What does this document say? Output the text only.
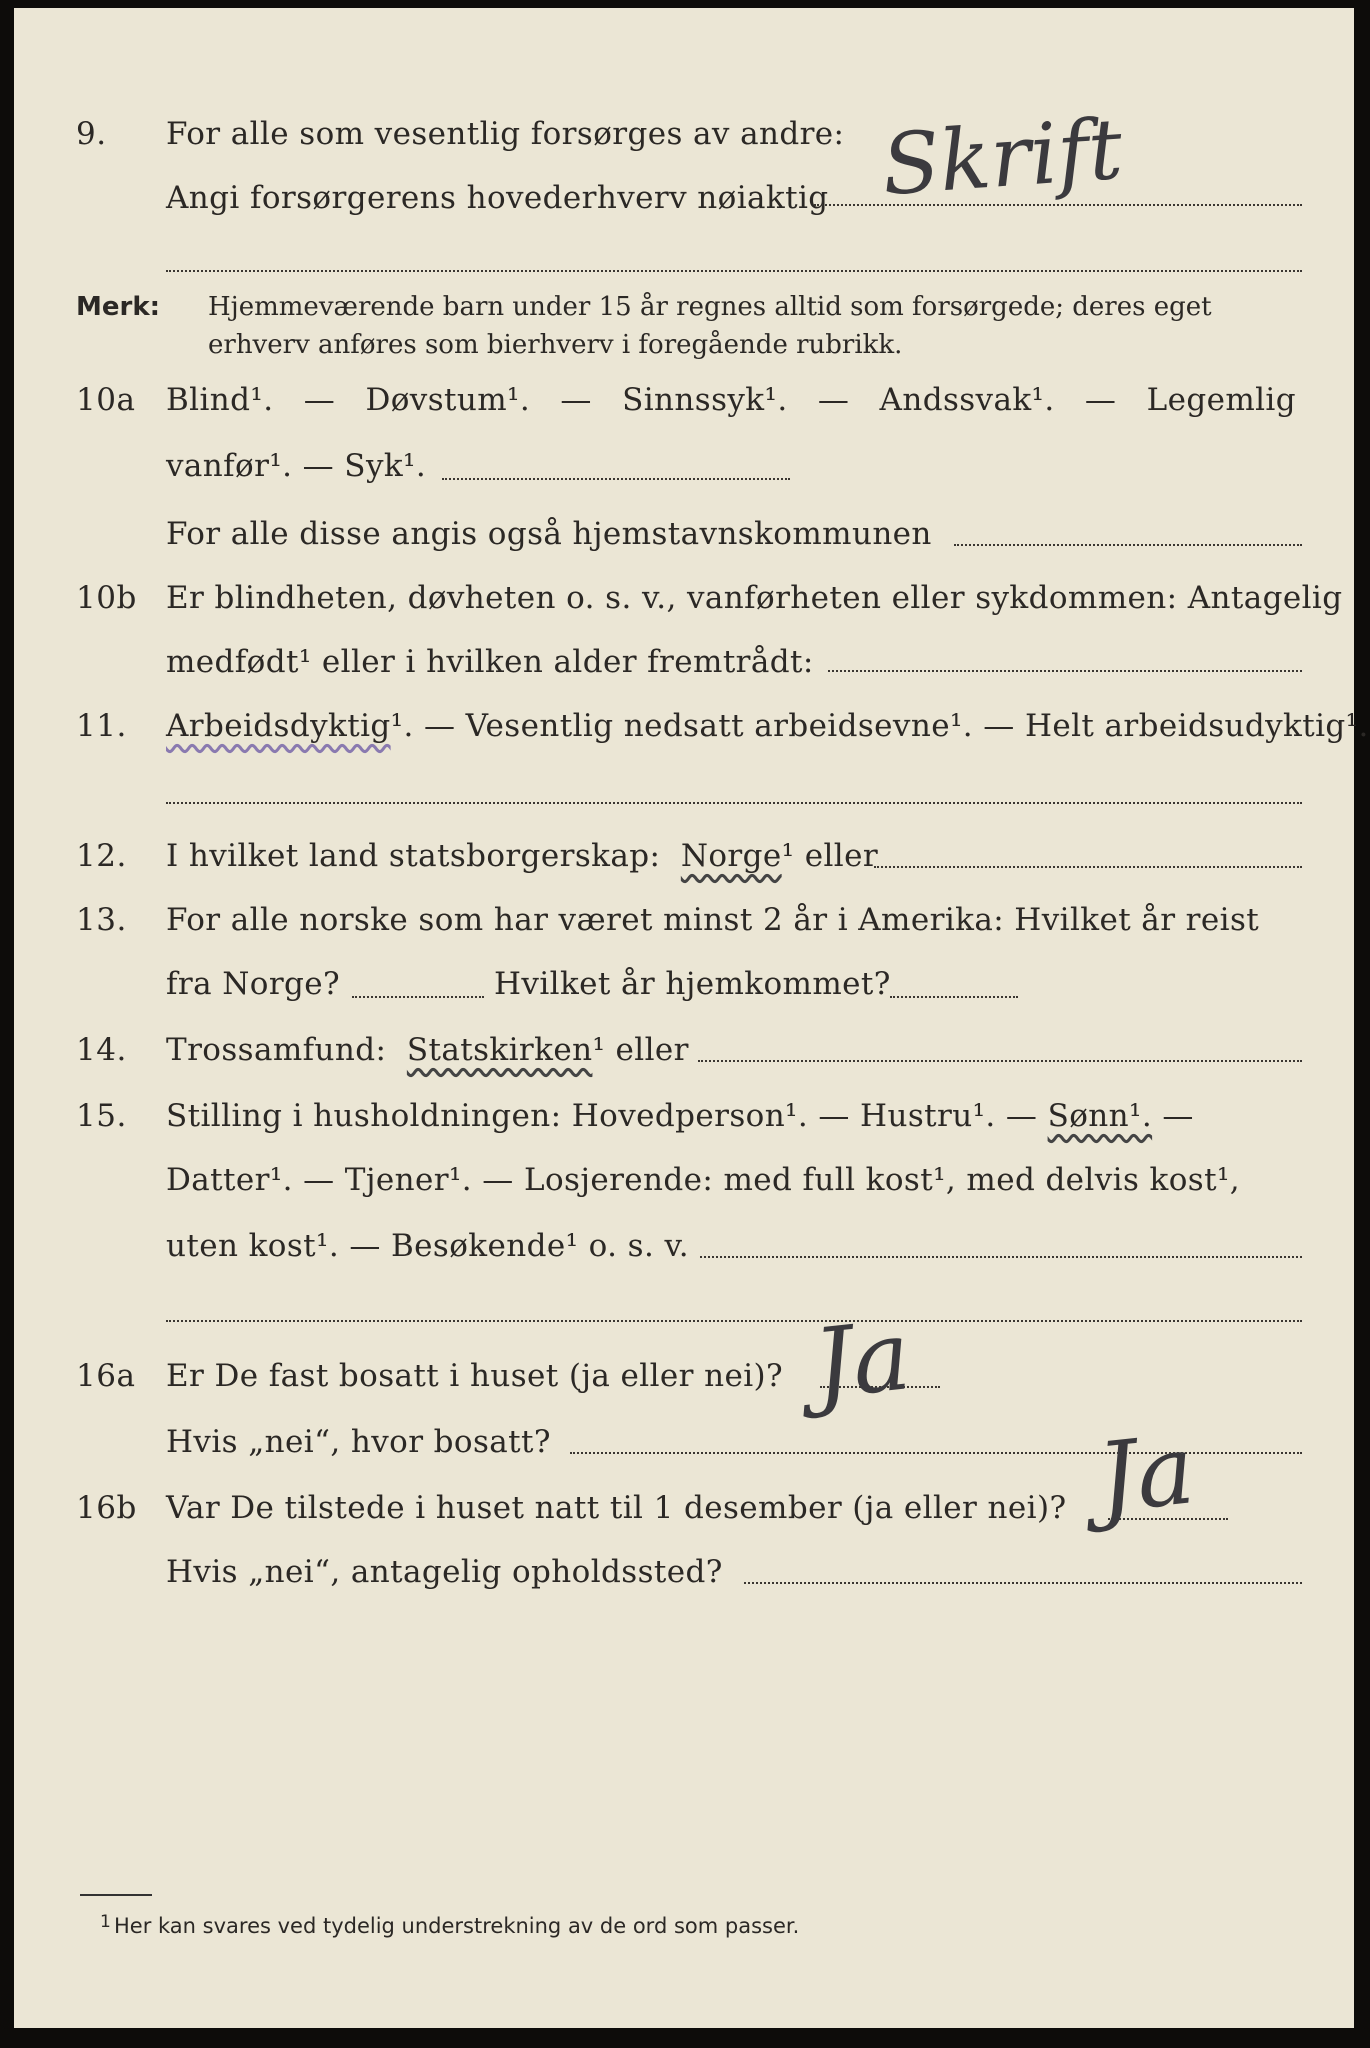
9. For alle som vesentlig forsørges av andre:
Angi forsørgerens hovederhverv nøiaktig Skrift
Merk: Hjemmeværende barn under 15 år regnes alltid som forsørgede; deres eget erhverv anføres som bierhverv i foregående rubrikk.
10a Blind¹. — Døvstum¹. — Sinnssyk¹. — Andssvak¹. — Legemlig
vanfør¹. — Syk¹.
For alle disse angis også hjemstavnskommunen
10b Er blindheten, døvheten o. s. v., vanførheten eller sykdommen: Antagelig
medfødt¹ eller i hvilken alder fremtrådt:
11. Arbeidsdyktig¹. — Vesentlig nedsatt arbeidsevne¹. — Helt arbeidsudyktig¹.
12. I hvilket land statsborgerskap: Norge¹ eller
13. For alle norske som har været minst 2 år i Amerika: Hvilket år reist
fra Norge?	Hvilket år hjemkommet?
14. Trossamfund: Statskirken¹ eller
15. Stilling i husholdningen: Hovedperson¹. — Hustru¹. — Sønn¹. —
Datter¹. — Tjener¹. — Losjerende: med full kost¹, med delvis kost¹,
uten kost¹. — Besøkende¹ o. s. v.
16a Er De fast bosatt i huset (ja eller nei)?
Hvis „nei“, hvor bosatt?
Ja
16b Var De tilstede i huset natt til 1 desember (ja eller nei)?
Hvis „nei“, antagelig opholdssted?
Ja
1 Her kan svares ved tydelig understrekning av de ord som passer.
